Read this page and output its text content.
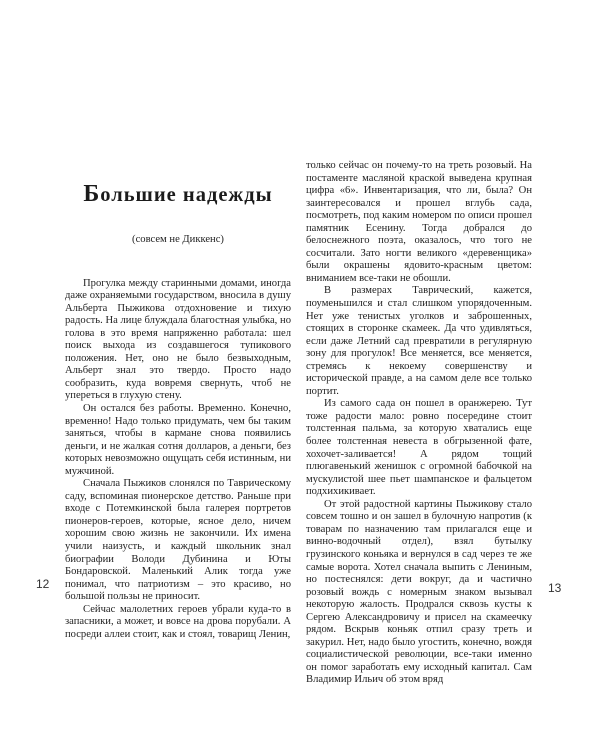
Большие надежды
(совсем не Диккенс)

Прогулка между старинными домами, иногда даже охраняемыми государством, вносила в душу Альберта Пыжикова отдохновение и тихую радость. На лице блуждала благостная улыбка, но голова в это время напряженно работала: шел поиск выхода из создавшегося тупикового положения. Нет, оно не было безвыходным, Альберт знал это твердо. Просто надо сообразить, куда вовремя свернуть, чтоб не упереться в глухую стену.

Он остался без работы. Временно. Конечно, временно! Надо только придумать, чем бы таким заняться, чтобы в кармане снова появились деньги, и не жалкая сотня долларов, а деньги, без которых невозможно ощущать себя истинным, ни мужчиной.

Сначала Пыжиков слонялся по Таврическому саду, вспоминая пионерское детство. Раньше при входе с Потемкинской была галерея портретов пионеров-героев, которые, ясное дело, ничем хорошим свою жизнь не закончили. Их имена учили наизусть, и каждый школьник знал биографии Володи Дубинина и Юты Бондаровской. Маленький Алик тогда уже понимал, что патриотизм – это красиво, но большой пользы не приносит.

Сейчас малолетних героев убрали куда-то в запасники, а может, и вовсе на дрова порубали. А посреди аллеи стоит, как и стоял, товарищ Ленин,

только сейчас он почему-то на треть розовый. На постаменте масляной краской выведена крупная цифра «6». Инвентаризация, что ли, была? Он заинтересовался и прошел вглубь сада, посмотреть, под каким номером по описи прошел памятник Есенину. Тогда добрался до белоснежного поэта, оказалось, что того не сосчитали. Зато ногти великого «деревенщика» были окрашены ядовито-красным цветом: вниманием все-таки не обошли.

В размерах Таврический, кажется, поуменьшился и стал слишком упорядоченным. Нет уже тенистых уголков и заброшенных, стоящих в сторонке скамеек. Да что удивляться, если даже Летний сад превратили в регулярную зону для прогулок! Все меняется, все меняется, стремясь к некоему совершенству и исторической правде, а на самом деле все только портит.

Из самого сада он пошел в оранжерею. Тут тоже радости мало: ровно посередине стоит толстенная пальма, за которую хватались еще более толстенная невеста в обгрызенной фате, хохочет-заливается! А рядом тощий плюгавенький женишок с огромной бабочкой на мускулистой шее пьет шампанское и фальцетом подхихикивает.

От этой радостной картины Пыжикову стало совсем тошно и он зашел в булочную напротив (к товарам по назначению там прилагался еще и винно-водочный отдел), взял бутылку грузинского коньяка и вернулся в сад через те же самые ворота. Хотел сначала выпить с Лениным, но постеснялся: дети вокруг, да и частично розовый вождь с номерным знаком вызывал некоторую жалость. Продрался сквозь кусты к Сергею Александровичу и присел на скамеечку рядом. Вскрыв коньяк отпил сразу треть и закурил. Нет, надо было угостить, конечно, вождя социалистической революции, все-таки именно он помог заработать ему исходный капитал. Сам Владимир Ильич об этом вряд

12	13
